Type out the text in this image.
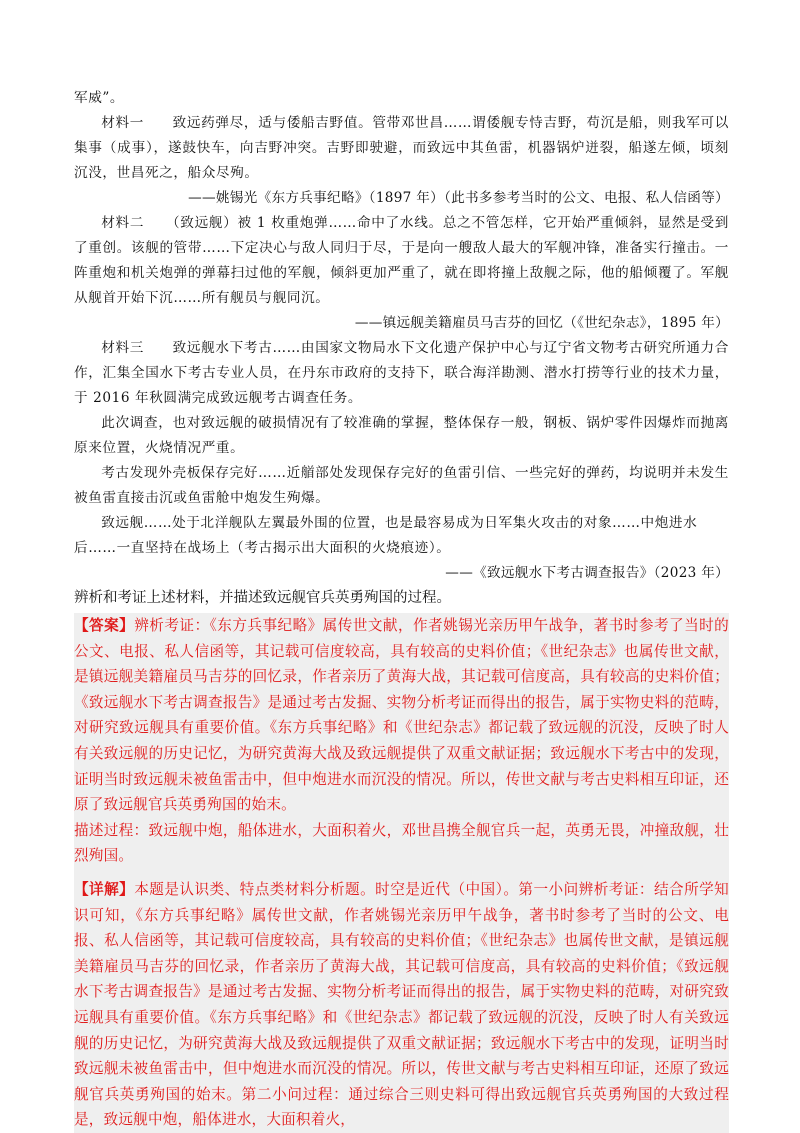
军威”。

材料一　　 致远药弹尽，适与倭船吉野值。管带邓世昌……谓倭舰专恃吉野，苟沉是船，则我军可以集事（成事），遂鼓快车，向吉野冲突。吉野即驶避，而致远中其鱼雷，机器锅炉迸裂，船遂左倾，顷刻沉没，世昌死之，船众尽殉。

——姚锡光《东方兵事纪略》（1897 年）（此书多参考当时的公文、电报、私人信函等）

材料二　　 （致远舰）被 1 枚重炮弹……命中了水线。总之不管怎样，它开始严重倾斜，显然是受到了重创。该舰的管带……下定决心与敌人同归于尽，于是向一艘敌人最大的军舰冲锋，准备实行撞击。一阵重炮和机关炮弹的弹幕扫过他的军舰，倾斜更加严重了，就在即将撞上敌舰之际，他的船倾覆了。军舰从舰首开始下沉……所有舰员与舰同沉。

——镇远舰美籍雇员马吉芬的回忆（《世纪杂志》，1895 年）

材料三　　 致远舰水下考古……由国家文物局水下文化遗产保护中心与辽宁省文物考古研究所通力合作，汇集全国水下考古专业人员，在丹东市政府的支持下，联合海洋勘测、潜水打捞等行业的技术力量，于 2016 年秋圆满完成致远舰考古调查任务。

此次调查，也对致远舰的破损情况有了较准确的掌握，整体保存一般，钢板、锅炉零件因爆炸而抛离原来位置，火烧情况严重。

考古发现外壳板保存完好……近艏部处发现保存完好的鱼雷引信、一些完好的弹药，均说明并未发生被鱼雷直接击沉或鱼雷舱中炮发生殉爆。

致远舰……处于北洋舰队左翼最外围的位置，也是最容易成为日军集火攻击的对象……中炮进水

后……一直坚持在战场上（考古揭示出大面积的火烧痕迹）。

——《致远舰水下考古调查报告》（2023 年）

辨析和考证上述材料，并描述致远舰官兵英勇殉国的过程。

【答案】辨析考证：《东方兵事纪略》属传世文献，作者姚锡光亲历甲午战争，著书时参考了当时的公文、电报、私人信函等，其记载可信度较高，具有较高的史料价值；《世纪杂志》也属传世文献，是镇远舰美籍雇员马吉芬的回忆录，作者亲历了黄海大战，其记载可信度高，具有较高的史料价值；《致远舰水下考古调查报告》是通过考古发掘、实物分析考证而得出的报告，属于实物史料的范畴，对研究致远舰具有重要价值。《东方兵事纪略》和《世纪杂志》都记载了致远舰的沉没，反映了时人有关致远舰的历史记忆，为研究黄海大战及致远舰提供了双重文献证据；致远舰水下考古中的发现，证明当时致远舰未被鱼雷击中，但中炮进水而沉没的情况。所以，传世文献与考古史料相互印证，还原了致远舰官兵英勇殉国的始末。

描述过程：致远舰中炮，船体进水，大面积着火，邓世昌携全舰官兵一起，英勇无畏，冲撞敌舰，壮烈殉国。

【详解】本题是认识类、特点类材料分析题。时空是近代（中国）。第一小问辨析考证：结合所学知识可知，《东方兵事纪略》属传世文献，作者姚锡光亲历甲午战争，著书时参考了当时的公文、电报、私人信函等，其记载可信度较高，具有较高的史料价值；《世纪杂志》也属传世文献，是镇远舰美籍雇员马吉芬的回忆录，作者亲历了黄海大战，其记载可信度高，具有较高的史料价值；《致远舰水下考古调查报告》是通过考古发掘、实物分析考证而得出的报告，属于实物史料的范畴，对研究致远舰具有重要价值。《东方兵事纪略》和《世纪杂志》都记载了致远舰的沉没，反映了时人有关致远舰的历史记忆，为研究黄海大战及致远舰提供了双重文献证据；致远舰水下考古中的发现，证明当时致远舰未被鱼雷击中，但中炮进水而沉没的情况。所以，传世文献与考古史料相互印证，还原了致远舰官兵英勇殉国的始末。第二小问过程：通过综合三则史料可得出致远舰官兵英勇殉国的大致过程是，致远舰中炮，船体进水，大面积着火，
